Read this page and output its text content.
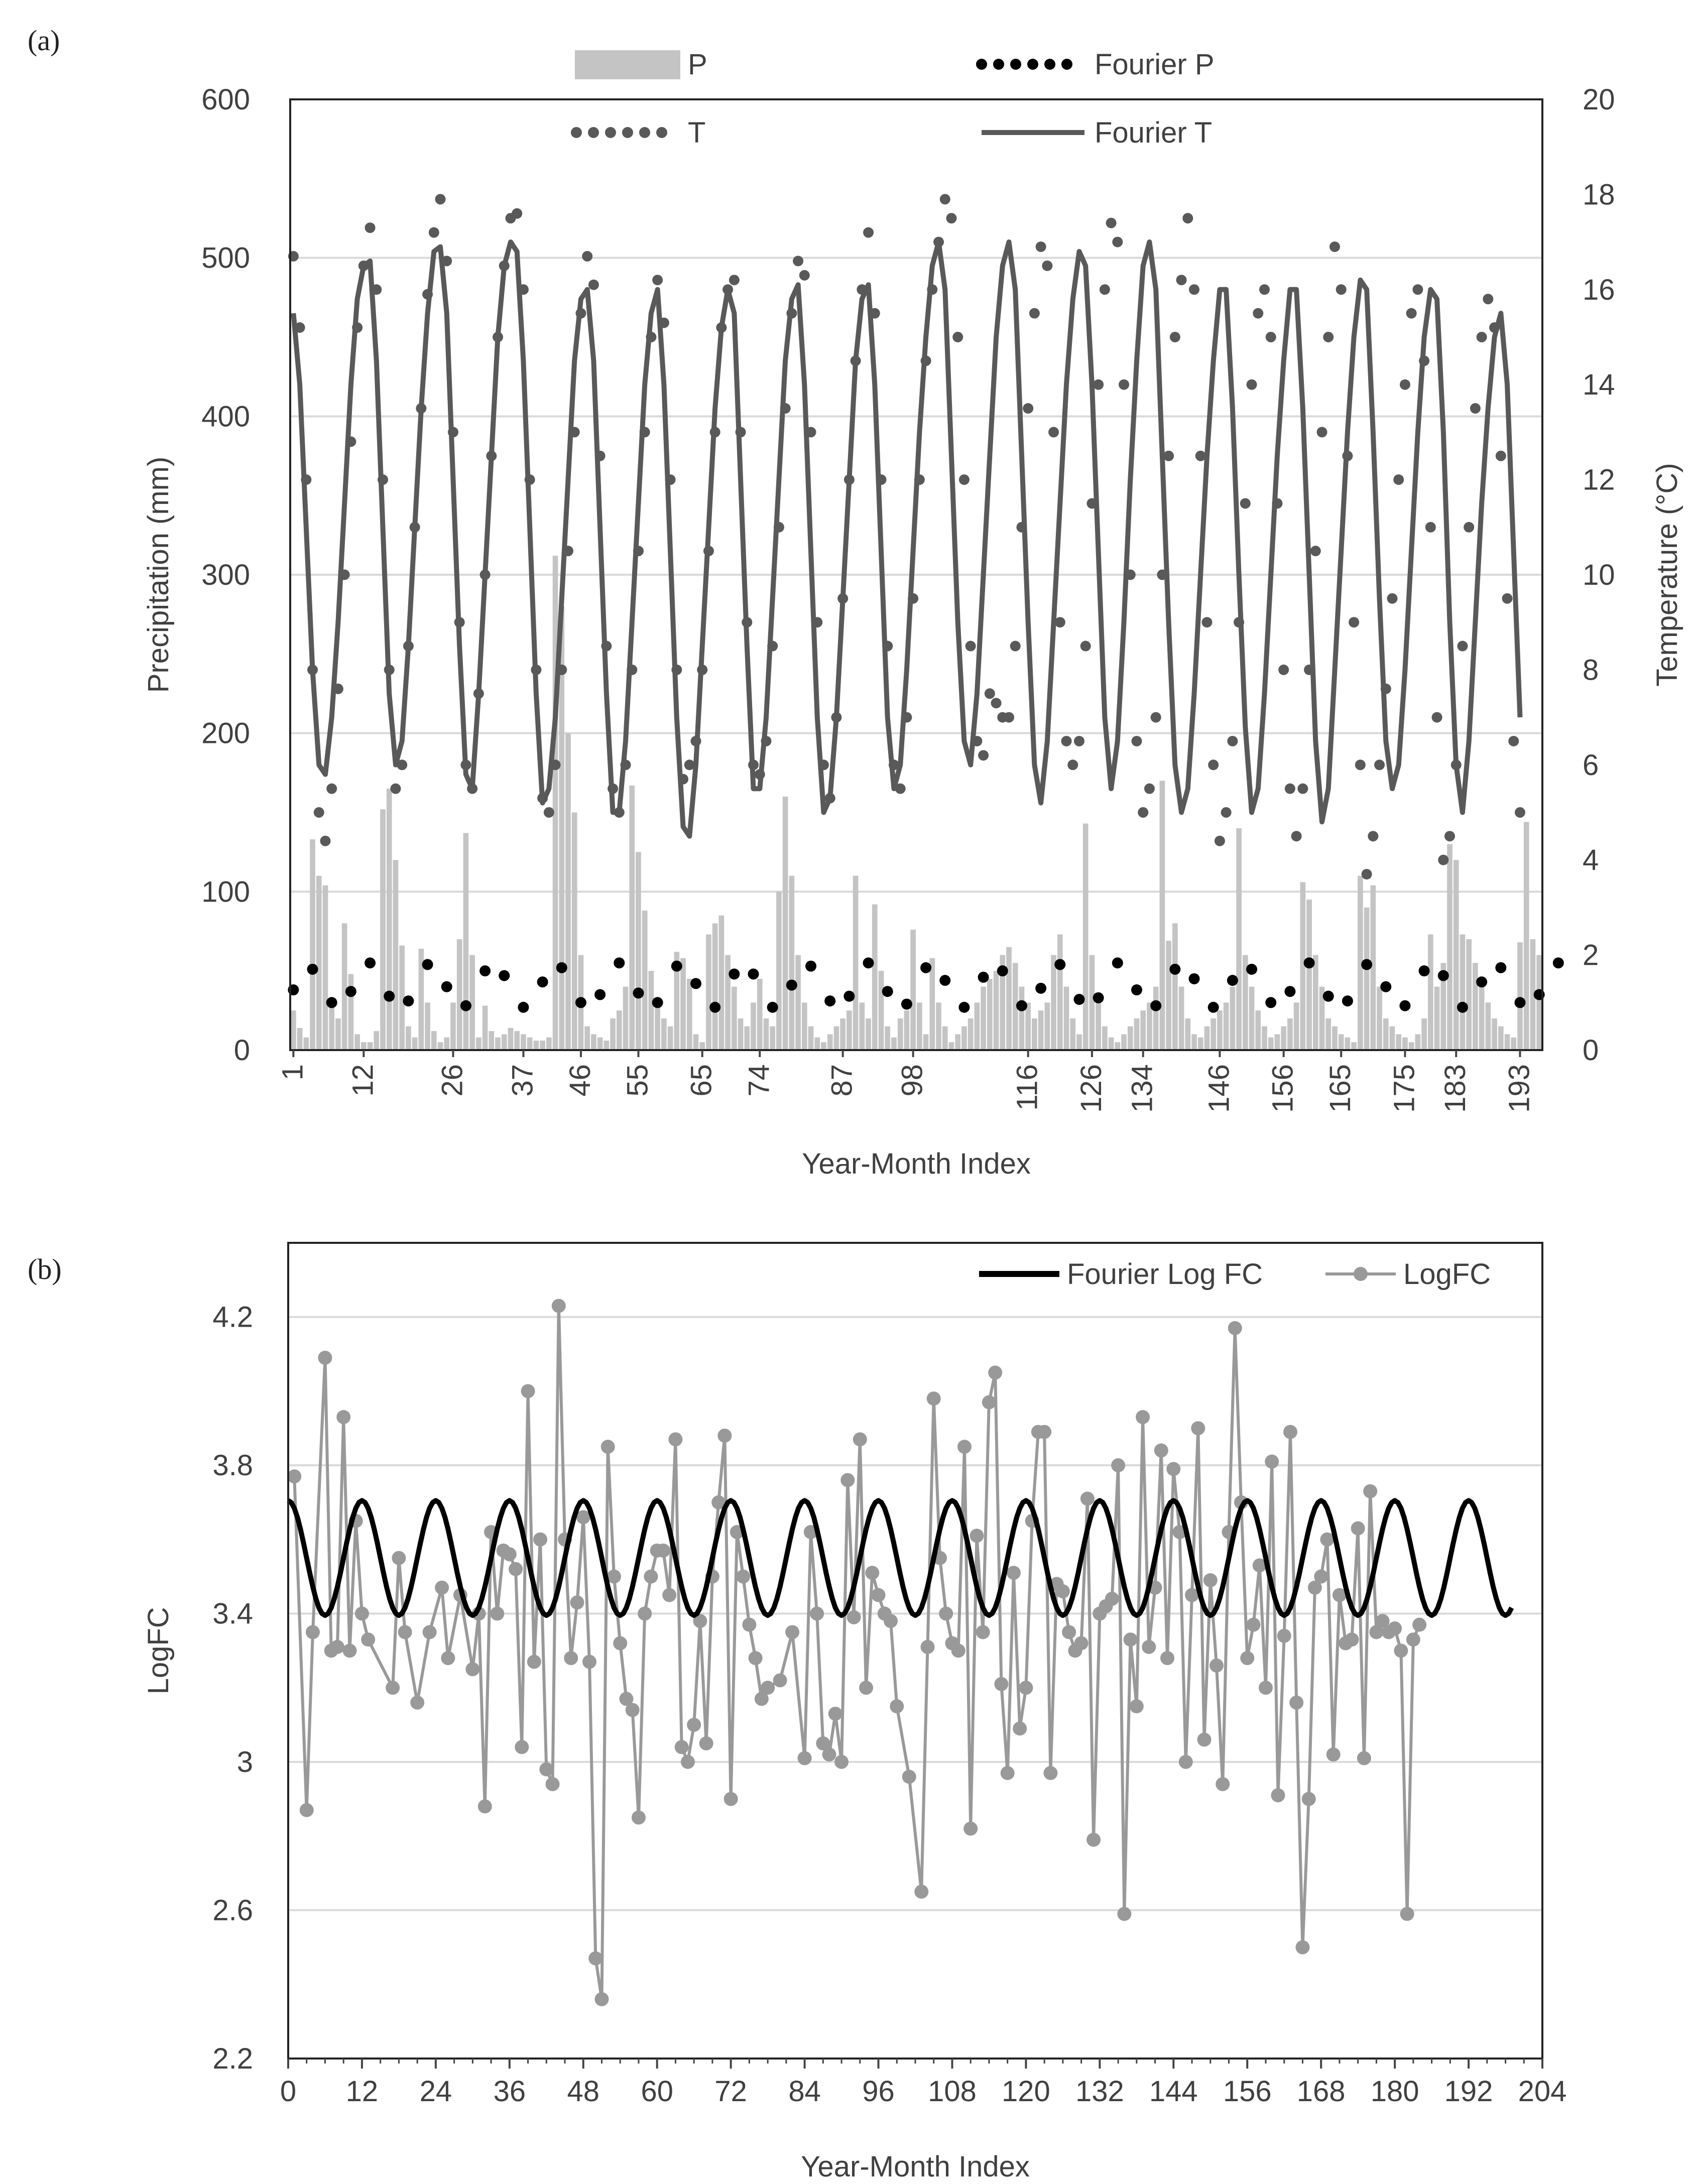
(a)
(b)
0
100
200
300
400
500
600
0
2
4
6
8
10
12
14
16
18
20
1 12 26 37 46 55 65 74 87 98	116 126 134 146 156 165 175 183 193
P	Fourier P
T	Fourier T
Year-Month Index
Precipitation (mm)	Temperature (°C)
2.2
2.6
3
3.4
3.8
4.2
0 12 24 36 48 60 72 84 96 108 120 132 144 156 168 180 192 204
Fourier Log FC	LogFC
Year-Month Index
LogFC
